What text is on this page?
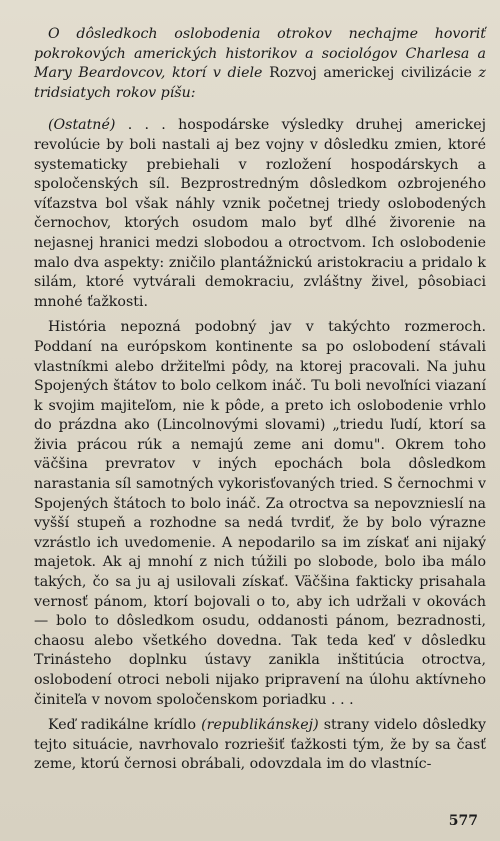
O dôsledkoch oslobodenia otrokov nechajme hovoriť pokrokových amerických historikov a sociológov Charlesa a Mary Beardovcov, ktorí v diele Rozvoj americkej civilizácie z tridsiatych rokov píšu:

(Ostatné) . . . hospodárske výsledky druhej americkej revolúcie by boli nastali aj bez vojny v dôsledku zmien, ktoré systematicky prebiehali v rozložení hospodárskych a spoločenských síl. Bezprostredným dôsledkom ozbrojeného víťazstva bol však náhly vznik početnej triedy oslobodených černochov, ktorých osudom malo byť dlhé živorenie na nejasnej hranici medzi slobodou a otroctvom. Ich oslobodenie malo dva aspekty: zničilo plantážnickú aristokraciu a pridalo k silám, ktoré vytvárali demokraciu, zvláštny živel, pôsobiaci mnohé ťažkosti.

História nepozná podobný jav v takýchto rozmeroch. Poddaní na európskom kontinente sa po oslobodení stávali vlastníkmi alebo držiteľmi pôdy, na ktorej pracovali. Na juhu Spojených štátov to bolo celkom ináč. Tu boli nevoľníci viazaní k svojim majiteľom, nie k pôde, a preto ich oslobodenie vrhlo do prázdna ako (Lincolnovými slovami) „triedu ľudí, ktorí sa živia prácou rúk a nemajú zeme ani domu". Okrem toho väčšina prevratov v iných epochách bola dôsledkom narastania síl samotných vykorisťovaných tried. S černochmi v Spojených štátoch to bolo ináč. Za otroctva sa nepovznieslí na vyšší stupeň a rozhodne sa nedá tvrdiť, že by bolo výrazne vzrástlo ich uvedomenie. A nepodarilo sa im získať ani nijaký majetok. Ak aj mnohí z nich túžili po slobode, bolo iba málo takých, čo sa ju aj usilovali získať. Väčšina fakticky prisahala vernosť pánom, ktorí bojovali o to, aby ich udržali v okovách — bolo to dôsledkom osudu, oddanosti pánom, bezradnosti, chaosu alebo všetkého dovedna. Tak teda keď v dôsledku Trinásteho doplnku ústavy zanikla inštitúcia otroctva, oslobodení otroci neboli nijako pripravení na úlohu aktívneho činiteľa v novom spoločenskom poriadku . . .

Keď radikálne krídlo (republikánskej) strany videlo dôsledky tejto situácie, navrhovalo rozriešiť ťažkosti tým, že by sa časť zeme, ktorú černosi obrábali, odovzdala im do vlastníc-

577
